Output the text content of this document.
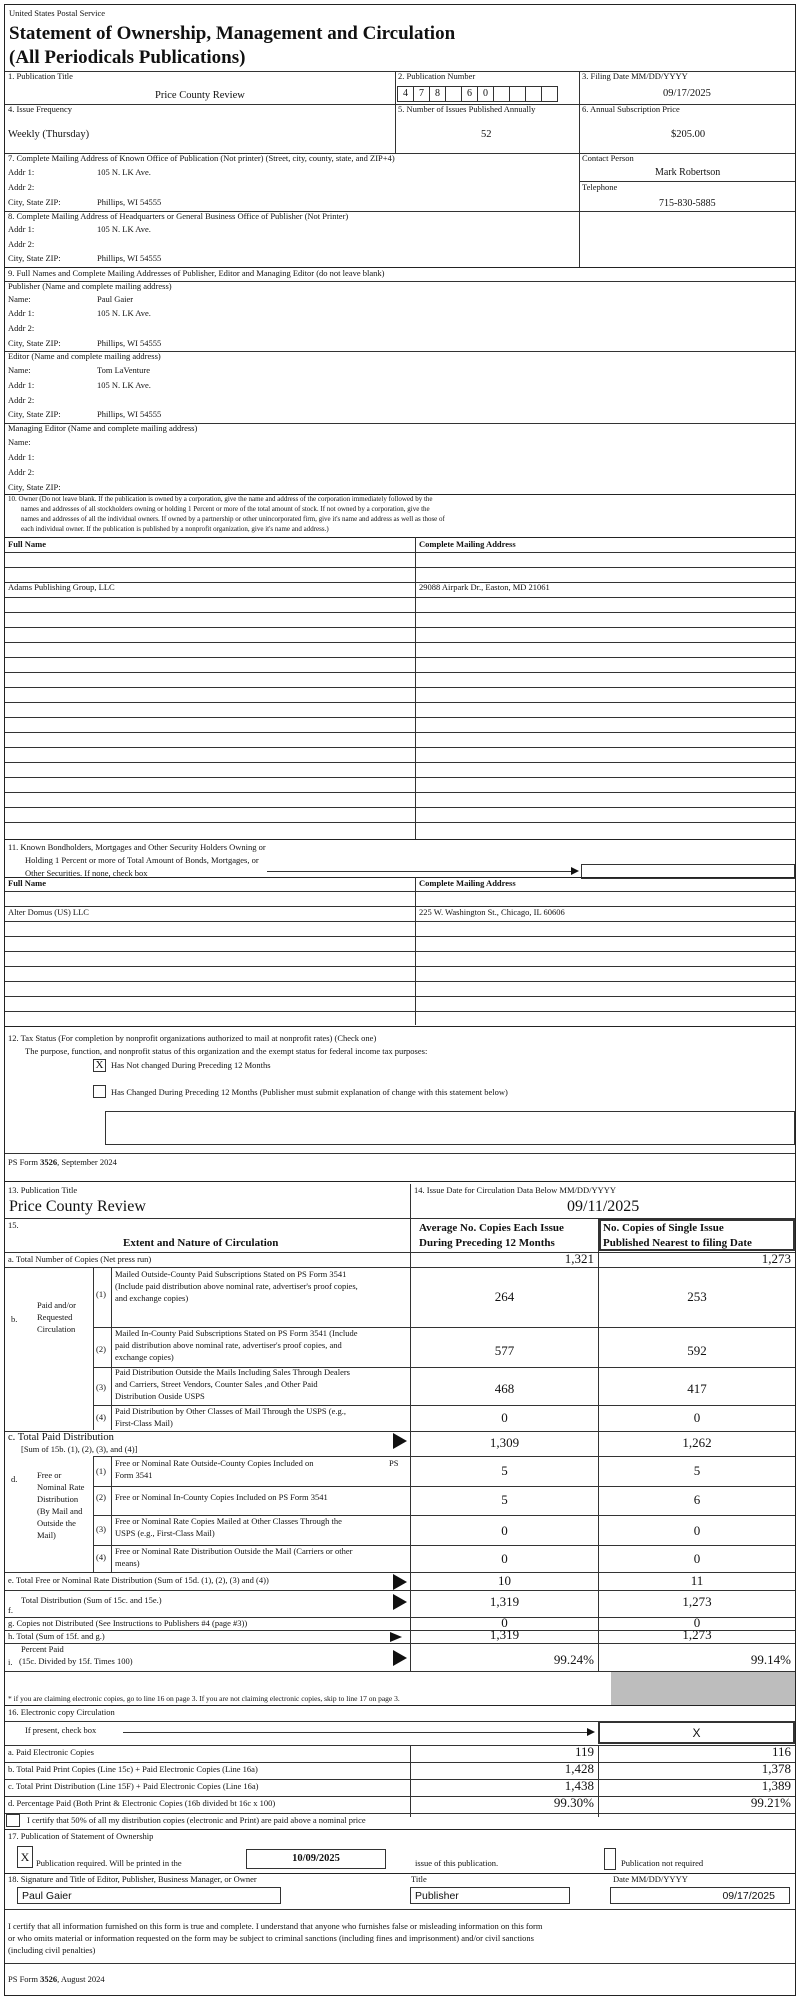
United States Postal Service
Statement of Ownership, Management and Circulation
(All Periodicals Publications)
1. Publication Title
Price County Review
2. Publication Number
4	7	8	6	0
3. Filing Date MM/DD/YYYY
09/17/2025
4. Issue Frequency
Weekly (Thursday)
5. Number of Issues Published Annually
52
6. Annual Subscription Price
$205.00
7. Complete Mailing Address of Known Office of Publication (Not printer) (Street, city, county, state, and ZIP+4)
Addr 1:	105 N. LK Ave.
Addr 2:
City, State ZIP:	Phillips, WI 54555
Contact Person
Mark Robertson
Telephone
715-830-5885
8. Complete Mailing Address of Headquarters or General Business Office of Publisher (Not Printer)
Addr 1:	105 N. LK Ave.
Addr 2:
City, State ZIP:	Phillips, WI 54555
9. Full Names and Complete Mailing Addresses of Publisher, Editor and Managing Editor (do not leave blank)
Publisher (Name and complete mailing address)
Name:	Paul Gaier
Addr 1:	105 N. LK Ave.
Addr 2:
City, State ZIP:	Phillips, WI 54555
Editor (Name and complete mailing address)
Name:	Tom LaVenture
Addr 1:	105 N. LK Ave.
Addr 2:
City, State ZIP:	Phillips, WI 54555
Managing Editor (Name and complete mailing address)
Name:
Addr 1:
Addr 2:
City, State ZIP:
10. Owner (Do not leave blank. If the publication is owned by a corporation, give the name and address of the corporation immediately followed by the
names and addresses of all stockholders owning or holding 1 Percent or more of the total amount of stock. If not owned by a corporation, give the
names and addresses of all the individual owners. If owned by a partnership or other unincorporated firm, give it's name and address as well as those of
each individual owner. If the publication is published by a nonprofit organization, give it's name and address.)
Full Name	Complete Mailing Address
Adams Publishing Group, LLC	29088 Airpark Dr., Easton, MD 21061
11. Known Bondholders, Mortgages and Other Security Holders Owning or
Holding 1 Percent or more of Total Amount of Bonds, Mortgages, or
Other Securities. If none, check box
Full Name	Complete Mailing Address
Alter Domus (US) LLC	225 W. Washington St., Chicago, IL 60606
12. Tax Status (For completion by nonprofit organizations authorized to mail at nonprofit rates) (Check one)
The purpose, function, and nonprofit status of this organization and the exempt status for federal income tax purposes:
X Has Not changed During Preceding 12 Months
Has Changed During Preceding 12 Months (Publisher must submit explanation of change with this statement below)
PS Form 3526, September 2024
13. Publication Title
Price County Review
14. Issue Date for Circulation Data Below MM/DD/YYYY
09/11/2025
15.
Extent and Nature of Circulation
Average No. Copies Each Issue
During Preceding 12 Months
No. Copies of Single Issue
Published Nearest to filing Date
a. Total Number of Copies (Net press run)	1,321	1,273
b.
Paid and/or
Requested
Circulation
(1)
Mailed Outside-County Paid Subscriptions Stated on PS Form 3541
(Include paid distribution above nominal rate, advertiser's proof copies,
and exchange copies)	264	253
(2)
Mailed In-County Paid Subscriptions Stated on PS Form 3541 (Include
paid distribution above nominal rate, advertiser's proof copies, and
exchange copies)	577	592
(3)
Paid Distribution Outside the Mails Including Sales Through Dealers
and Carriers, Street Vendors, Counter Sales ,and Other Paid
Distribution Ouside USPS	468	417
(4)
Paid Distribution by Other Classes of Mail Through the USPS (e.g.,
First-Class Mail)	0	0
c. Total Paid Distribution
[Sum of 15b. (1), (2), (3), and (4)]	1,309	1,262
d. Free or
Nominal Rate
Distribution
(By Mail and
Outside the
Mail)
(1)
Free or Nominal Rate Outside-County Copies Included on	PS
Form 3541	5	5
(2) Free or Nominal In-County Copies Included on PS Form 3541	5	6
(3)
Free or Nominal Rate Copies Mailed at Other Classes Through the
USPS (e.g., First-Class Mail)	0	0
(4)
Free or Nominal Rate Distribution Outside the Mail (Carriers or other
means)	0	0
e. Total Free or Nominal Rate Distribution (Sum of 15d. (1), (2), (3) and (4))	10	11
Total Distribution (Sum of 15c. and 15e.)
f.
1,319	1,273
g. Copies not Distributed (See Instructions to Publishers #4 (page #3))	0	0
h. Total (Sum of 15f. and g.)	1,319	1,273
Percent Paid
i. (15c. Divided by 15f. Times 100)	99.24%	99.14%
* if you are claiming electronic copies, go to line 16 on page 3. If you are not claiming electronic copies, skip to line 17 on page 3.
16. Electronic copy Circulation
If present, check box	X
a. Paid Electronic Copies	119	116
b. Total Paid Print Copies (Line 15c) + Paid Electronic Copies (Line 16a)	1,428	1,378
c. Total Print Distribution (Line 15F) + Paid Electronic Copies (Line 16a)	1,438	1,389
d. Percentage Paid (Both Print & Electronic Copies (16b divided bt 16c x 100)	99.30%	99.21%
I certify that 50% of all my distribution copies (electronic and Print) are paid above a nominal price
17. Publication of Statement of Ownership
X Publication required. Will be printed in the	10/09/2025	issue of this publication.	Publication not required
18. Signature and Title of Editor, Publisher, Business Manager, or Owner	Title	Date MM/DD/YYYY
Paul Gaier	Publisher	09/17/2025
I certify that all information furnished on this form is true and complete. I understand that anyone who furnishes false or misleading information on this form
or who omits material or information requested on the form may be subject to criminal sanctions (including fines and imprisonment) and/or civil sanctions
(including civil penalties)
PS Form 3526, August 2024
